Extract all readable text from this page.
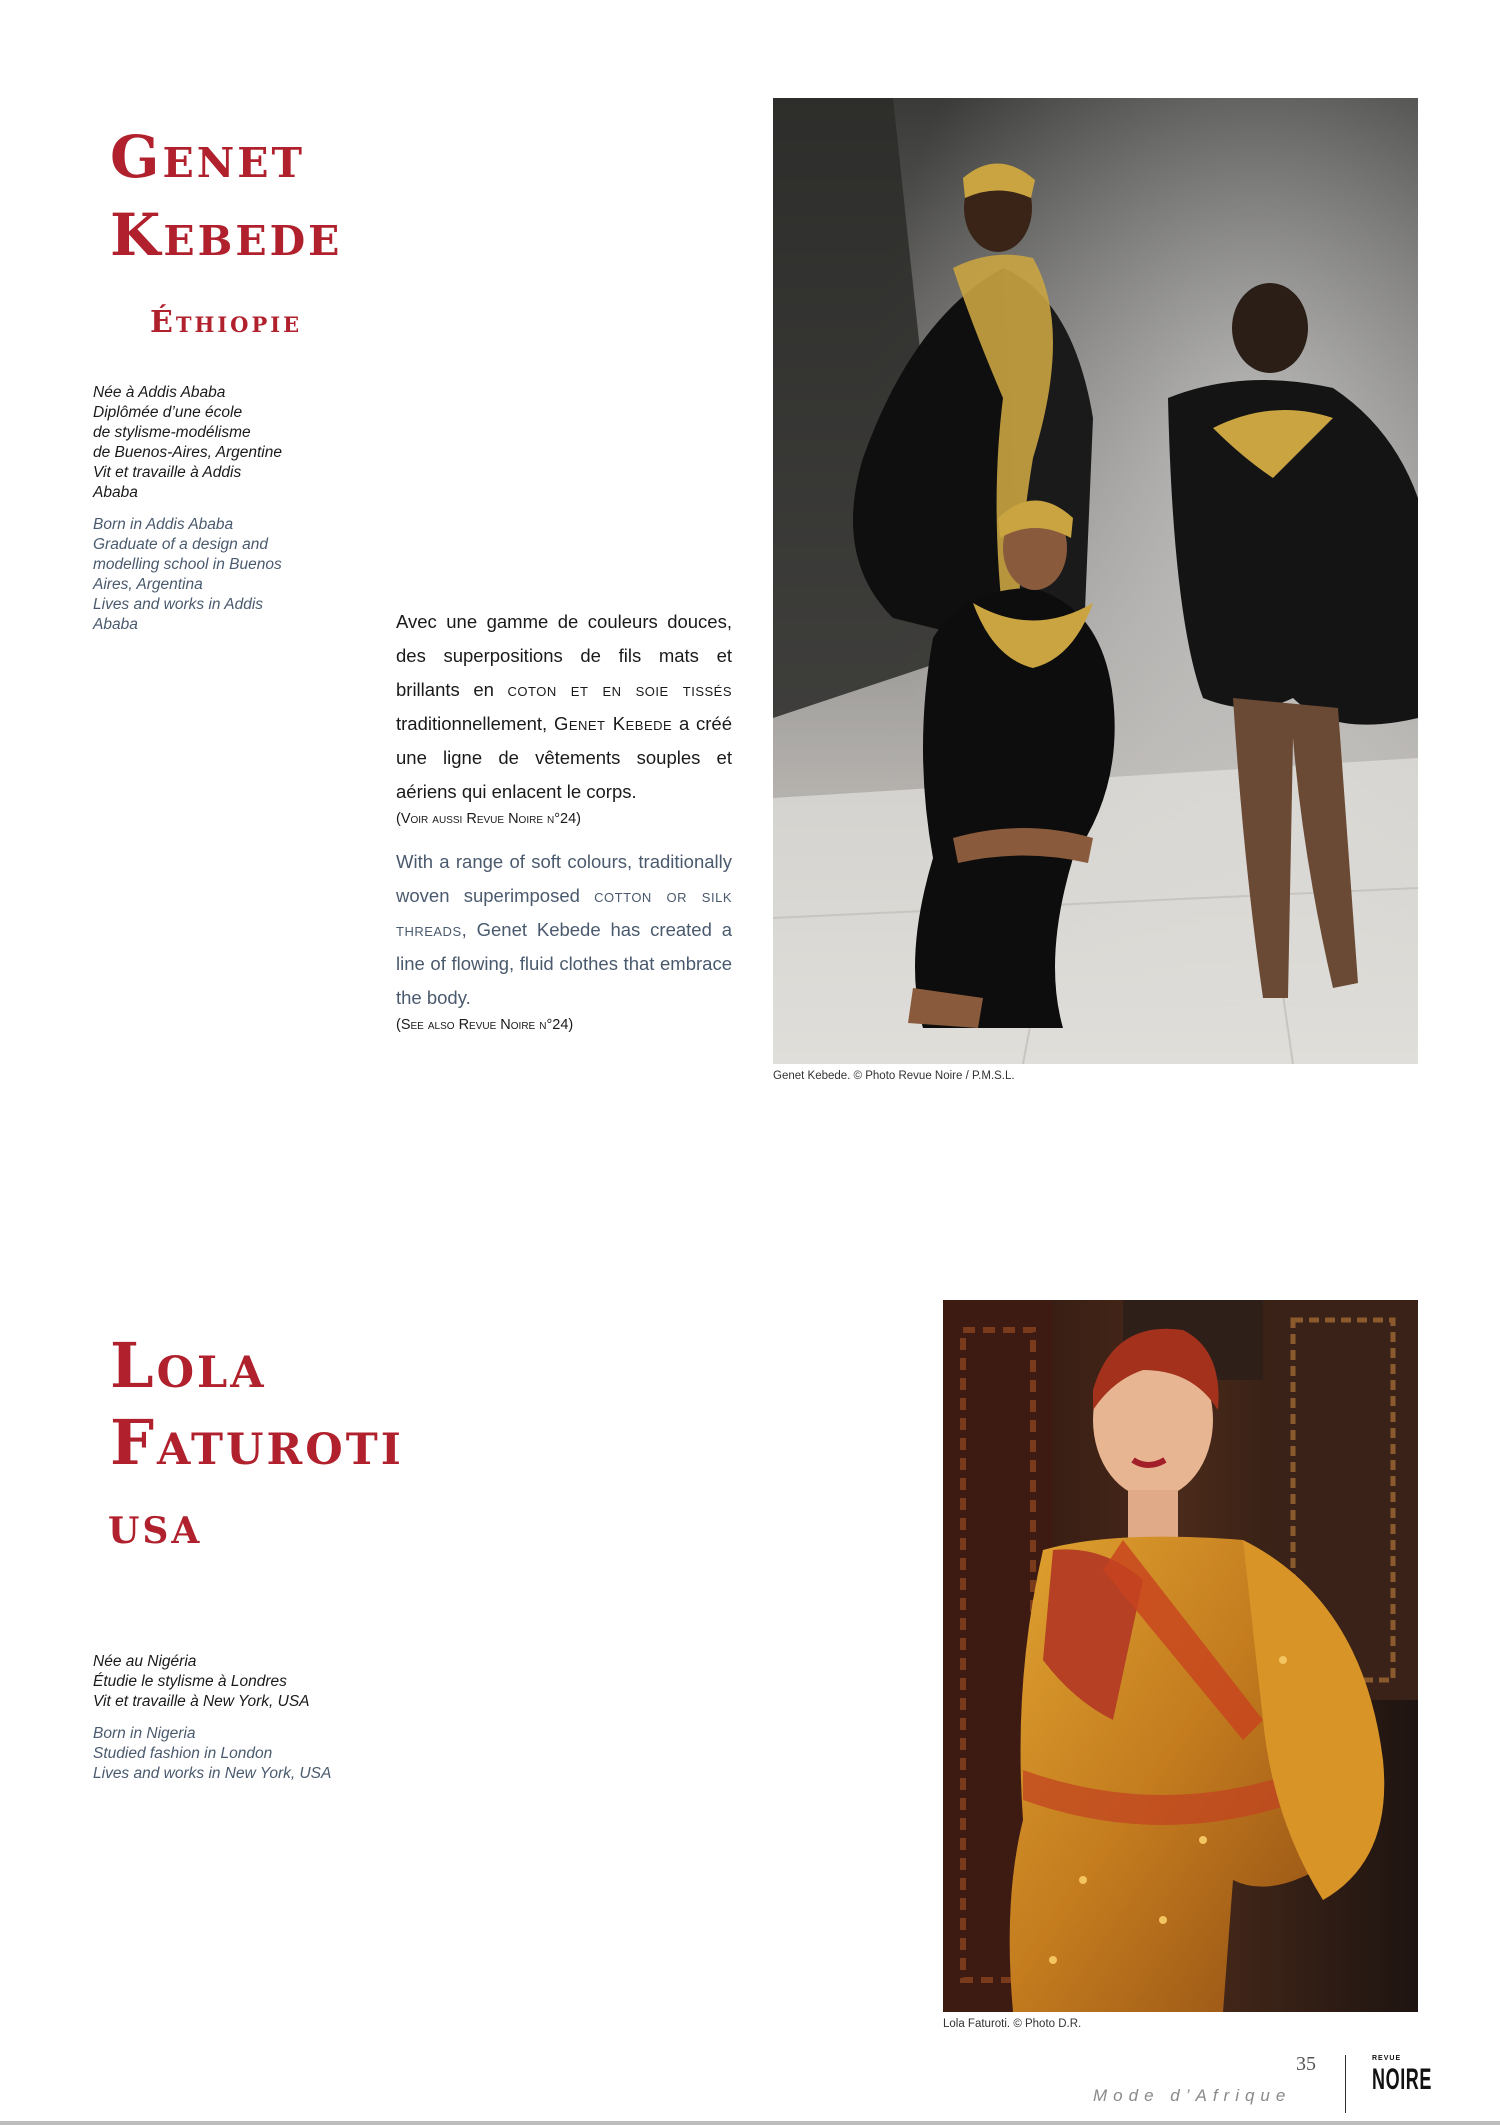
Genet
Kebede
Éthiopie

Née à Addis Ababa

Diplômée d’une école

de stylisme-modélisme

de Buenos-Aires, Argentine

Vit et travaille à Addis

Ababa

Born in Addis Ababa

Graduate of a design and

modelling school in Buenos

Aires, Argentina

Lives and works in Addis

Ababa	Avec une gamme de couleurs douces, des superpositions de fils mats et brillants en coton et en soie tissés traditionnellement, Genet Kebede a créé une ligne de vêtements souples et aériens qui enlacent le corps.

(Voir aussi Revue Noire n°24)

With a range of soft colours, traditionally woven superimposed cotton or silk threads, Genet Kebede has created a line of flowing, fluid clothes that embrace the body.

(See also Revue Noire n°24)

Genet Kebede. © Photo Revue Noire / P.M.S.L.
Lola
Faturoti
USA

Née au Nigéria

Étudie le stylisme à Londres

Vit et travaille à New York, USA

Born in Nigeria

Studied fashion in London

Lives and works in New York, USA

Lola Faturoti. © Photo D.R.
35
Mode d’Afrique
REVUE
NOIRE
